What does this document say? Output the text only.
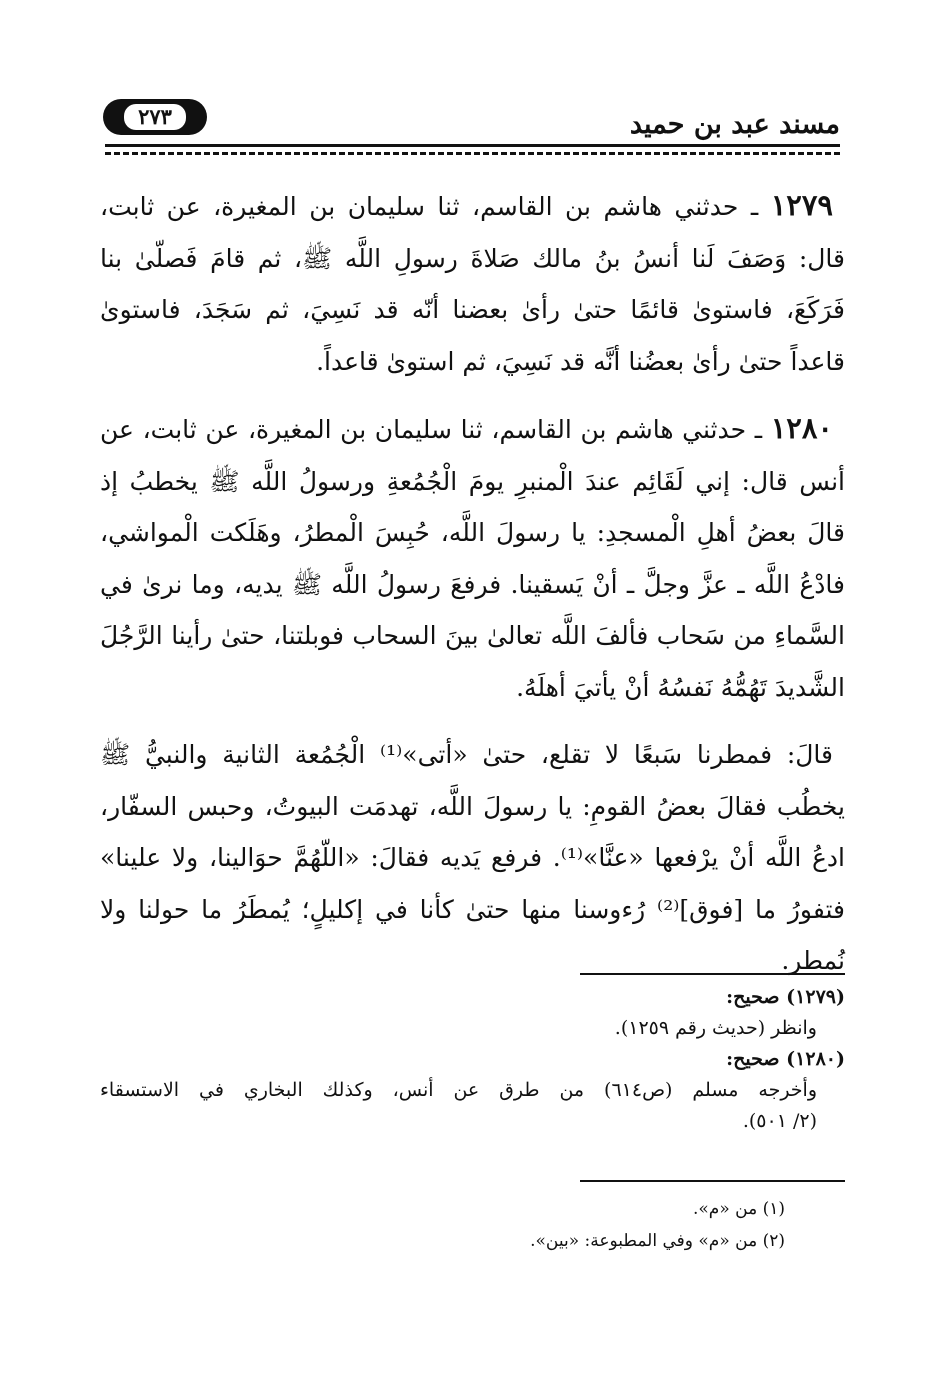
مسند عبد بن حميد
٢٧٣

١٢٧٩ ـ حدثني هاشم بن القاسم، ثنا سليمان بن المغيرة، عن ثابت، قال: وَصَفَ لَنا أنسُ بنُ مالك صَلاةَ رسولِ اللَّه ﷺ، ثم قامَ فَصلّىٰ بنا فَرَكَعَ، فاستوىٰ قائمًا حتىٰ رأىٰ بعضنا أنّه قد نَسِيَ، ثم سَجَدَ، فاستوىٰ قاعداً حتىٰ رأىٰ بعضُنا أنَّه قد نَسِيَ، ثم استوىٰ قاعداً.

١٢٨٠ ـ حدثني هاشم بن القاسم، ثنا سليمان بن المغيرة، عن ثابت، عن أنس قال: إني لَقَائِم عندَ الْمنبرِ يومَ الْجُمُعةِ ورسولُ اللَّه ﷺ يخطبُ إذ قالَ بعضُ أهلِ الْمسجدِ: يا رسولَ اللَّه، حُبِسَ الْمطرُ، وهَلَكت الْمواشي، فادْعُ اللَّه ـ عزَّ وجلَّ ـ أنْ يَسقينا. فرفعَ رسولُ اللَّه ﷺ يديه، وما نرىٰ في السَّماءِ من سَحاب فألفَ اللَّه تعالىٰ بينَ السحاب فوبلتنا، حتىٰ رأينا الرَّجُلَ الشَّديدَ تَهُمُّهُ نَفسُهُ أنْ يأتيَ أهلَهُ.

قالَ: فمطرنا سَبعًا لا تقلع، حتىٰ «أتى»⁽¹⁾ الْجُمُعة الثانية والنبيُّ ﷺ يخطُب فقالَ بعضُ القومِ: يا رسولَ اللَّه، تهدمَت البيوتُ، وحبس السفّار، ادعُ اللَّه أنْ يرْفعها «عنَّا»⁽¹⁾. فرفع يَديه فقالَ: «اللّهُمَّ حوَالينا، ولا علينا» فتفورُ ما [فوق]⁽²⁾ رُءوسنا منها حتىٰ كأنا في إكليلٍ؛ يُمطَرُ ما حولنا ولا نُمطر.

(١٢٧٩) صحيح:

وانظر (حديث رقم ١٢٥٩).

(١٢٨٠) صحيح:

وأخرجه مسلم (ص٦١٤) من طرق عن أنس، وكذلك البخاري في الاستسقاء

(٢/ ٥٠١).

(١) من «م».

(٢) من «م» وفي المطبوعة: «بين».
